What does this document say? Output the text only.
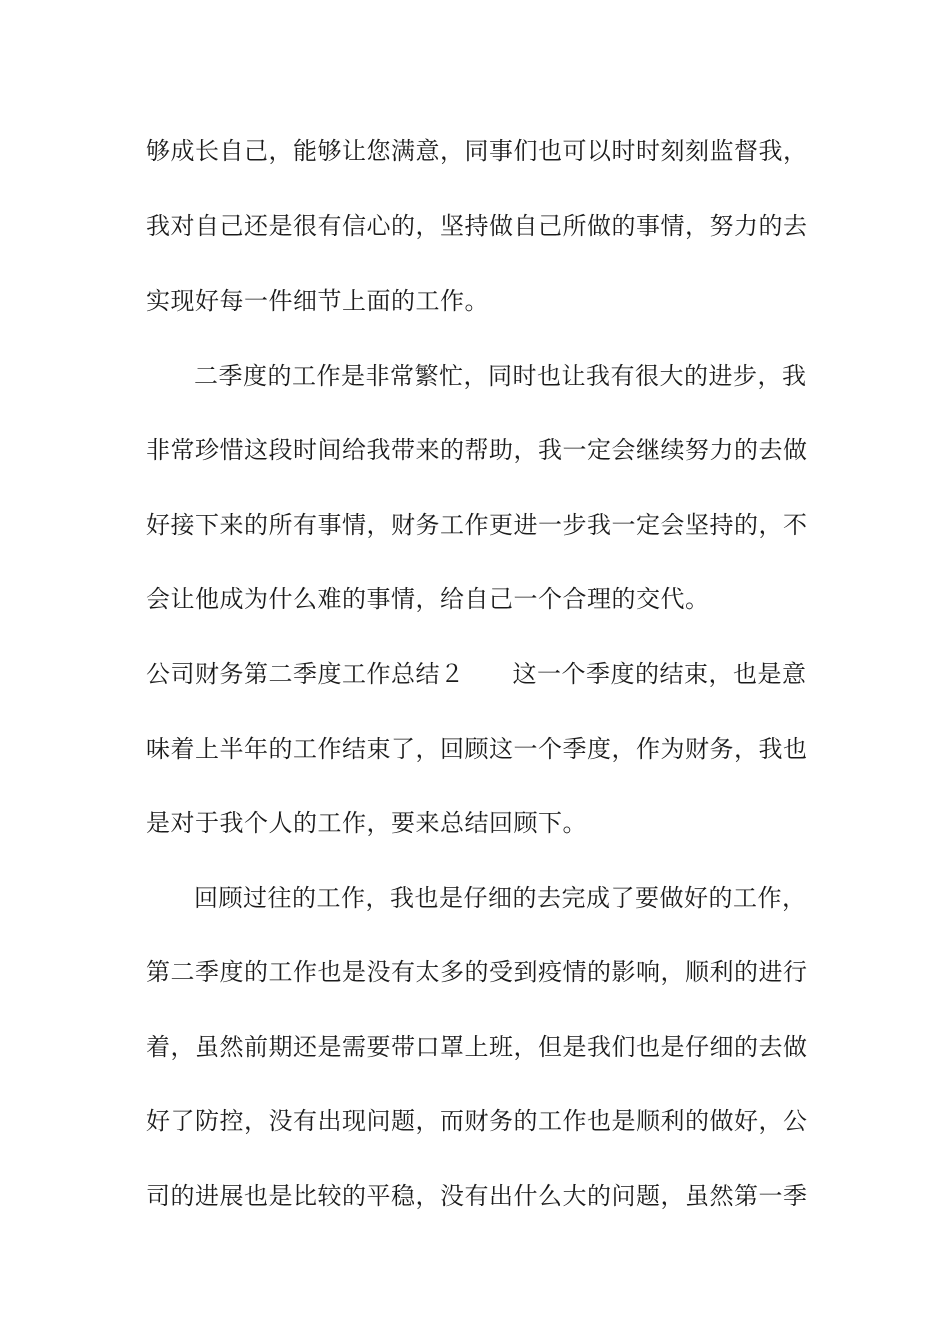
够成长自己，能够让您满意，同事们也可以时时刻刻监督我，
我对自己还是很有信心的，坚持做自己所做的事情，努力的去
实现好每一件细节上面的工作。
二季度的工作是非常繁忙，同时也让我有很大的进步，我
非常珍惜这段时间给我带来的帮助，我一定会继续努力的去做
好接下来的所有事情，财务工作更进一步我一定会坚持的，不
会让他成为什么难的事情，给自己一个合理的交代。
公司财务第二季度工作总结２ 这一个季度的结束，也是意
味着上半年的工作结束了，回顾这一个季度，作为财务，我也
是对于我个人的工作，要来总结回顾下。
回顾过往的工作，我也是仔细的去完成了要做好的工作，
第二季度的工作也是没有太多的受到疫情的影响，顺利的进行
着，虽然前期还是需要带口罩上班，但是我们也是仔细的去做
好了防控，没有出现问题，而财务的工作也是顺利的做好，公
司的进展也是比较的平稳，没有出什么大的问题，虽然第一季
